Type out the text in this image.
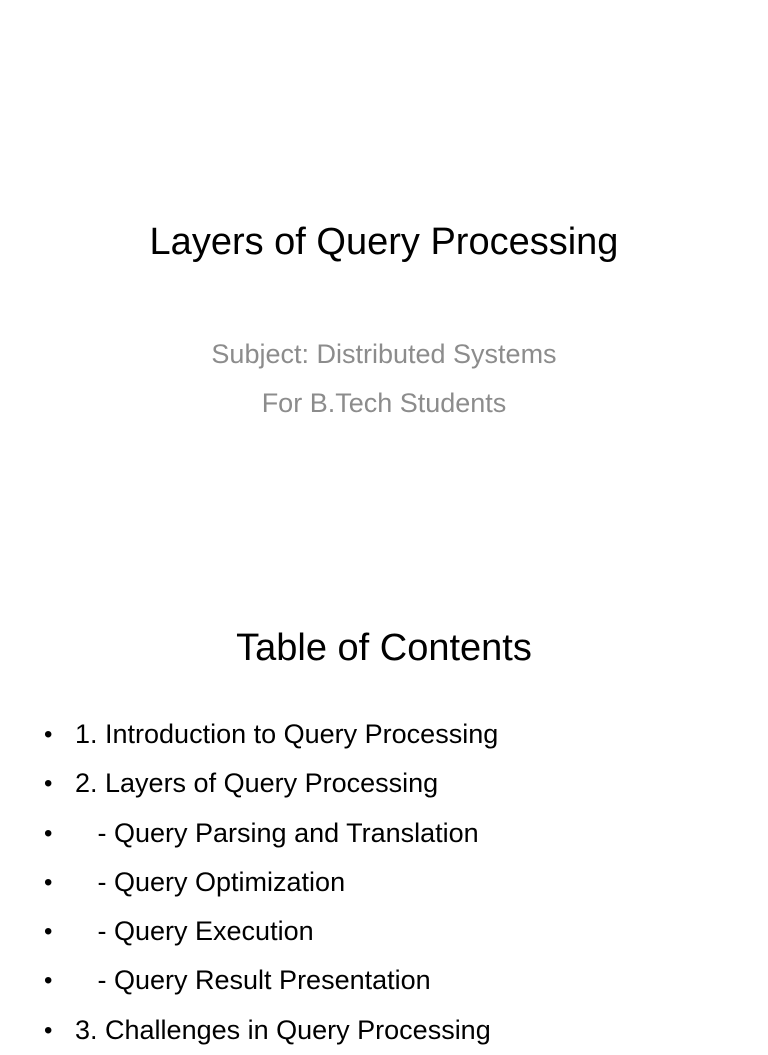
Layers of Query Processing
Subject: Distributed Systems
For B.Tech Students
Table of Contents
• 1. Introduction to Query Processing
• 2. Layers of Query Processing
• - Query Parsing and Translation
• - Query Optimization
• - Query Execution
• - Query Result Presentation
• 3. Challenges in Query Processing
